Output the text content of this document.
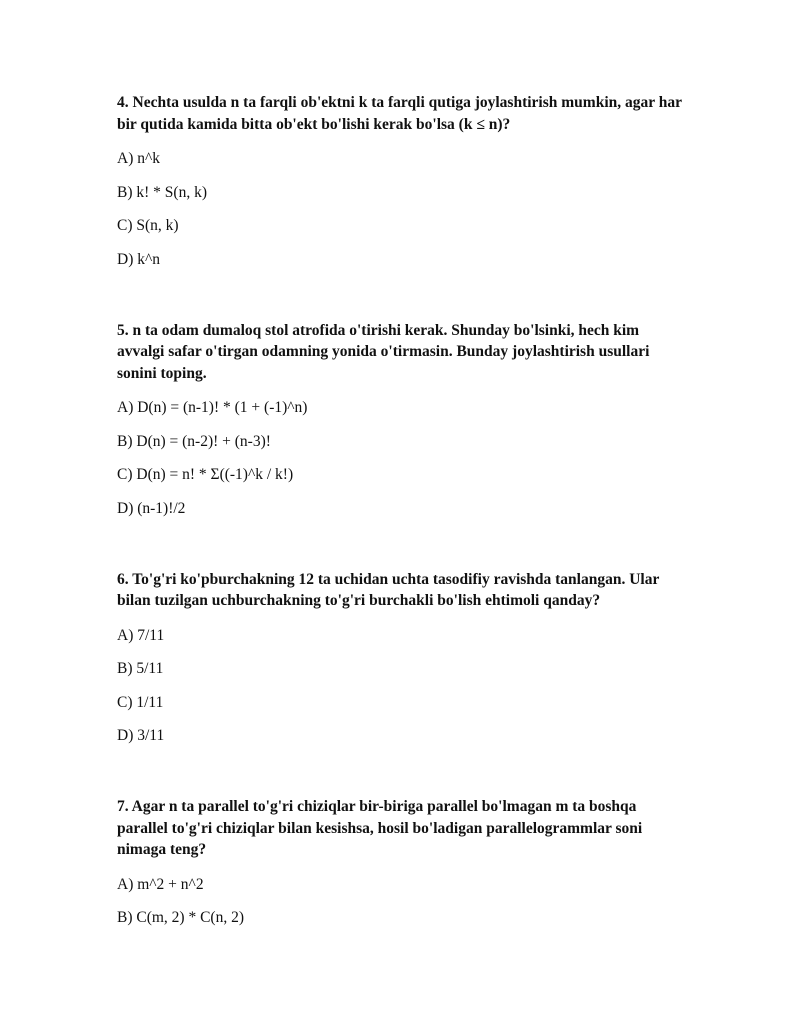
4. Nechta usulda n ta farqli ob'ektni k ta farqli qutiga joylashtirish mumkin, agar har bir qutida kamida bitta ob'ekt bo'lishi kerak bo'lsa (k ≤ n)?

A) n^k

B) k! * S(n, k)

C) S(n, k)

D) k^n

5. n ta odam dumaloq stol atrofida o'tirishi kerak. Shunday bo'lsinki, hech kim avvalgi safar o'tirgan odamning yonida o'tirmasin. Bunday joylashtirish usullari sonini toping.

A) D(n) = (n-1)! * (1 + (-1)^n)

B) D(n) = (n-2)! + (n-3)!

C) D(n) = n! * Σ((-1)^k / k!)

D) (n-1)!/2

6. To'g'ri ko'pburchakning 12 ta uchidan uchta tasodifiy ravishda tanlangan. Ular bilan tuzilgan uchburchakning to'g'ri burchakli bo'lish ehtimoli qanday?

A) 7/11

B) 5/11

C) 1/11

D) 3/11

7. Agar n ta parallel to'g'ri chiziqlar bir-biriga parallel bo'lmagan m ta boshqa parallel to'g'ri chiziqlar bilan kesishsa, hosil bo'ladigan parallelogrammlar soni nimaga teng?

A) m^2 + n^2

B) C(m, 2) * C(n, 2)
